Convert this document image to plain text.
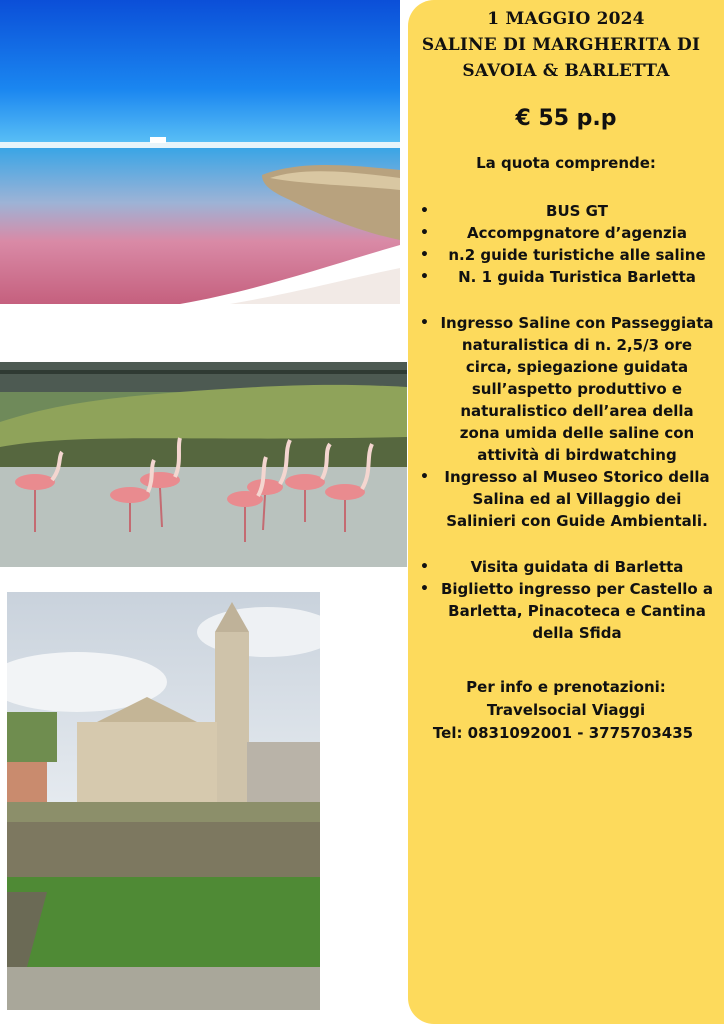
1 MAGGIO 2024
SALINE DI MARGHERITA DI
SAVOIA & BARLETTA
€ 55 p.p
La quota comprende:
•	BUS GT
•	Accompgnatore d’agenzia
• n.2 guide turistiche alle saline
• N. 1 guida Turistica Barletta
• Ingresso Saline con Passeggiata naturalistica di n. 2,5/3 ore circa, spiegazione guidata sull’aspetto produttivo e naturalistico dell’area della zona umida delle saline con attività di birdwatching
• Ingresso al Museo Storico della Salina ed al Villaggio dei Salinieri con Guide Ambientali.
•	Visita guidata di Barletta
• Biglietto ingresso per Castello a Barletta, Pinacoteca e Cantina della Sfida
Per info e prenotazioni:
Travelsocial Viaggi
Tel: 0831092001 - 3775703435
